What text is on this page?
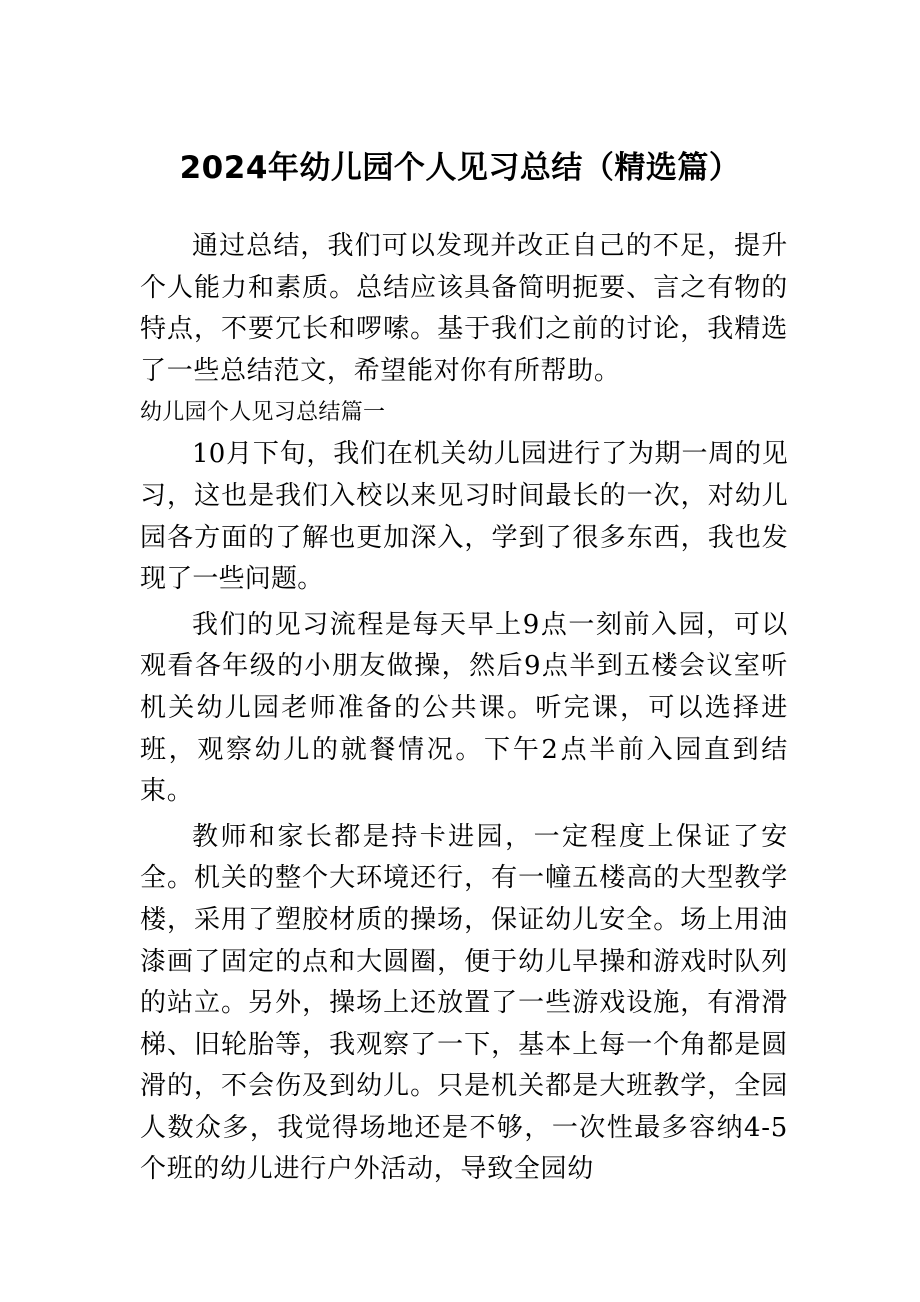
2024年幼儿园个人见习总结（精选篇）

通过总结，我们可以发现并改正自己的不足，提升个人能力和素质。总结应该具备简明扼要、言之有物的特点，不要冗长和啰嗦。基于我们之前的讨论，我精选了一些总结范文，希望能对你有所帮助。

幼儿园个人见习总结篇一

10月下旬，我们在机关幼儿园进行了为期一周的见习，这也是我们入校以来见习时间最长的一次，对幼儿园各方面的了解也更加深入，学到了很多东西，我也发现了一些问题。

我们的见习流程是每天早上9点一刻前入园，可以观看各年级的小朋友做操，然后9点半到五楼会议室听机关幼儿园老师准备的公共课。听完课，可以选择进班，观察幼儿的就餐情况。下午2点半前入园直到结束。

教师和家长都是持卡进园，一定程度上保证了安全。机关的整个大环境还行，有一幢五楼高的大型教学楼，采用了塑胶材质的操场，保证幼儿安全。场上用油漆画了固定的点和大圆圈，便于幼儿早操和游戏时队列的站立。另外，操场上还放置了一些游戏设施，有滑滑梯、旧轮胎等，我观察了一下，基本上每一个角都是圆滑的，不会伤及到幼儿。只是机关都是大班教学，全园人数众多，我觉得场地还是不够，一次性最多容纳4-5个班的幼儿进行户外活动，导致全园幼
